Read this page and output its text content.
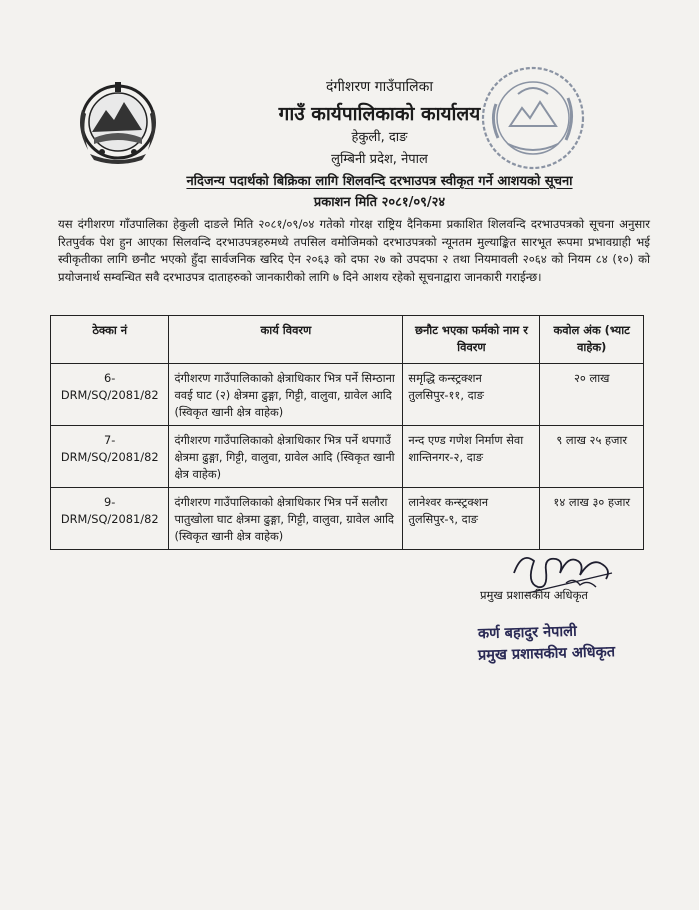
दंगीशरण गाउँपालिका
गाउँ कार्यपालिकाको कार्यालय
हेकुली, दाङ
लुम्बिनी प्रदेश, नेपाल
नदिजन्य पदार्थको बिक्रिका लागि शिलवन्दि दरभाउपत्र स्वीकृत गर्ने आशयको सूचना
प्रकाशन मिति २०८१/०९/२४
यस दंगीशरण गाँउपालिका हेकुली दाङले मिति २०८१/०९/०४ गतेको गोरक्ष राष्ट्रिय दैनिकमा प्रकाशित शिलवन्दि दरभाउपत्रको सूचना अनुसार रितपुर्वक पेश हुन आएका सिलवन्दि दरभाउपत्रहरुमध्ये तपसिल वमोजिमको दरभाउपत्रको न्यूनतम मुल्याङ्कित सारभूत रूपमा प्रभावग्राही भई स्वीकृतीका लागि छनौट भएको हुँदा सार्वजनिक खरिद ऐन २०६३ को दफा २७ को उपदफा २ तथा नियमावली २०६४ को नियम ८४ (१०) को प्रयोजनार्थ सम्वन्धित सवै दरभाउपत्र दाताहरुको जानकारीको लागि ७ दिने आशय रहेको सूचनाद्वारा जानकारी गराईन्छ।
ठेक्का नं	कार्य विवरण	छनौट भएका फर्मको नाम र विवरण	कवोल अंक (भ्याट वाहेक)
6-DRM/SQ/2081/82	दंगीशरण गाउँपालिकाको क्षेत्राधिकार भित्र पर्ने सिम्ठाना ववई घाट (२) क्षेत्रमा ढुङ्गा, गिट्टी, वालुवा, ग्रावेल आदि (स्विकृत खानी क्षेत्र वाहेक)	समृद्धि कन्स्ट्रक्शन तुलसिपुर-११, दाङ	२० लाख
7-DRM/SQ/2081/82	दंगीशरण गाउँपालिकाको क्षेत्राधिकार भित्र पर्ने थपगाउँ क्षेत्रमा ढुङ्गा, गिट्टी, वालुवा, ग्रावेल आदि (स्विकृत खानी क्षेत्र वाहेक)	नन्द एण्ड गणेश निर्माण सेवा शान्तिनगर-२, दाङ	९ लाख २५ हजार
9-DRM/SQ/2081/82	दंगीशरण गाउँपालिकाको क्षेत्राधिकार भित्र पर्ने सलौरा पातुखोला घाट क्षेत्रमा ढुङ्गा, गिट्टी, वालुवा, ग्रावेल आदि (स्विकृत खानी क्षेत्र वाहेक)	लानेश्वर कन्स्ट्रक्शन तुलसिपुर-९, दाङ	१४ लाख ३० हजार
प्रमुख प्रशासकीय अधिकृत
कर्ण बहादुर नेपाली
प्रमुख प्रशासकीय अधिकृत
